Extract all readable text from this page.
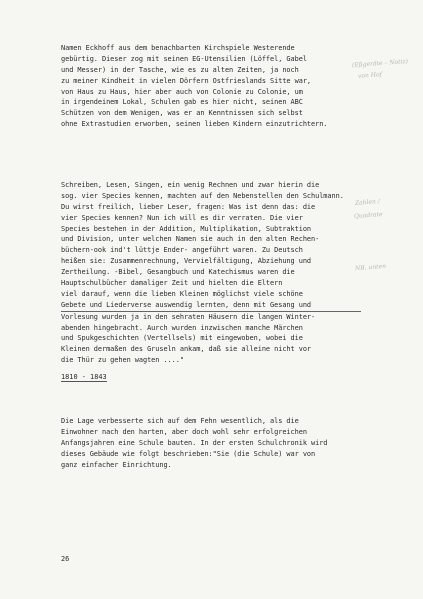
Namen Eckhoff aus dem benachbarten Kirchspiele Westerende
gebürtig. Dieser zog mit seinen EG-Utensilien (Löffel, Gabel
und Messer) in der Tasche, wie es zu alten Zeiten, ja noch
zu meiner Kindheit in vielen Dörfern Ostfrieslands Sitte war,
von Haus zu Haus, hier aber auch von Colonie zu Colonie, um
in irgendeinem Lokal, Schulen gab es hier nicht, seinen ABC
Schützen von dem Wenigen, was er an Kenntnissen sich selbst
ohne Extrastudien erworben, seinen lieben Kindern einzutrichtern.
Schreiben, Lesen, Singen, ein wenig Rechnen und zwar hierin die
sog. vier Species kennen, machten auf den Nebenstellen den Schulmann.
Du wirst freilich, lieber Leser, fragen: Was ist denn das: die
vier Species kennen? Nun ich will es dir verraten. Die vier
Species bestehen in der Addition, Multiplikation, Subtraktion
und Division, unter welchen Namen sie auch in den alten Rechen-
büchern-ook ind't lüttje Ender- angeführt waren. Zu Deutsch
heißen sie: Zusammenrechnung, Vervielfältigung, Abziehung und
Zertheilung. -Bibel, Gesangbuch und Katechismus waren die
Hauptschulbücher damaliger Zeit und hielten die Eltern
viel darauf, wenn die lieben Kleinen möglichst viele schöne
Gebete und Liederverse auswendig lernten, denn mit Gesang und
Vorlesung wurden ja in den sehraten Häusern die langen Winter-
abenden hingebracht. Aurch wurden inzwischen manche Märchen
und Spukgeschichten (Vertellsels) mit eingewoben, wobei die
Kleinen dermaßen des Gruseln ankam, daß sie alleine nicht vor
die Thür zu gehen wagten ...."
1810 - 1843
Die Lage verbesserte sich auf dem Fehn wesentlich, als die
Einwohner nach den harten, aber doch wohl sehr erfolgreichen
Anfangsjahren eine Schule bauten. In der ersten Schulchronik wird
dieses Gebäude wie folgt beschrieben:"Sie (die Schule) war von
ganz einfacher Einrichtung.
(Eßgeräte – Notiz)
von Hof
Zahlen /
Quadrate
NB, unten
26
